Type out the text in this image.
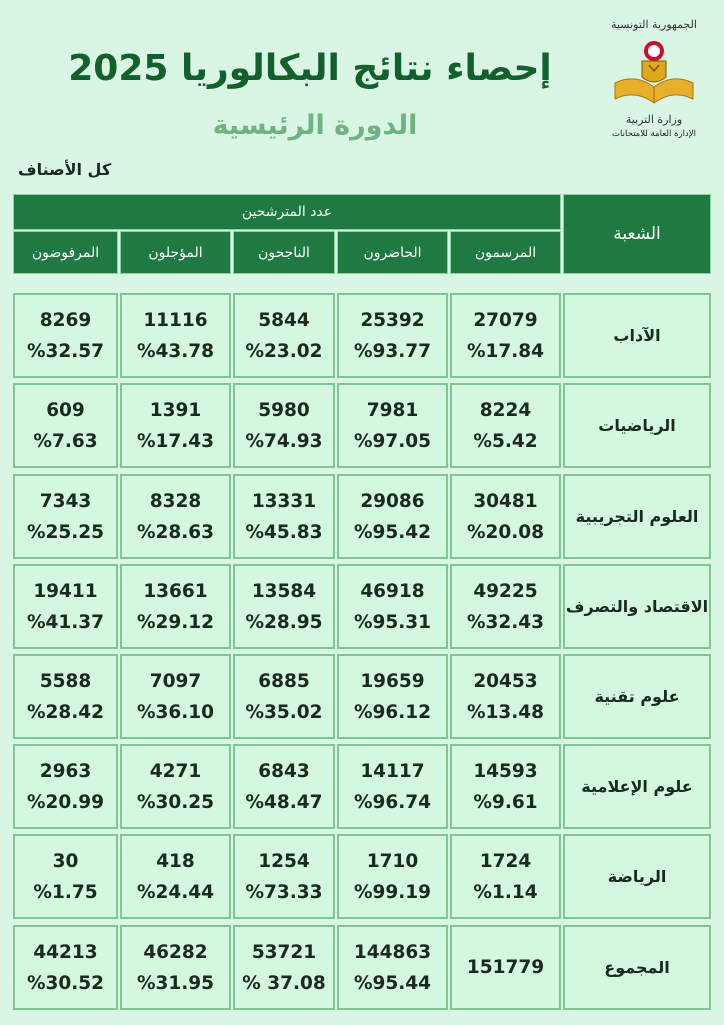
إحصاء نتائج البكالوريا 2025
الدورة الرئيسية
كل الأصناف
الجمهورية التونسية
وزارة التربية
الإدارة العامة للامتحانات
الشعبة
عدد المترشحين
المرسمون
الحاضرون
الناجحون
المؤجلون
المرفوضون
الآداب
27079
%17.84
25392
%93.77
5844
%23.02
11116
%43.78
8269
%32.57
الرياضيات
8224
%5.42
7981
%97.05
5980
%74.93
1391
%17.43
609
%7.63
العلوم التجريبية
30481
%20.08
29086
%95.42
13331
%45.83
8328
%28.63
7343
%25.25
الاقتصاد والتصرف
49225
%32.43
46918
%95.31
13584
%28.95
13661
%29.12
19411
%41.37
علوم تقنية
20453
%13.48
19659
%96.12
6885
%35.02
7097
%36.10
5588
%28.42
علوم الإعلامية
14593
%9.61
14117
%96.74
6843
%48.47
4271
%30.25
2963
%20.99
الرياضة
1724
%1.14
1710
%99.19
1254
%73.33
418
%24.44
30
%1.75
المجموع
151779
144863
%95.44
53721
% 37.08
46282
%31.95
44213
%30.52
